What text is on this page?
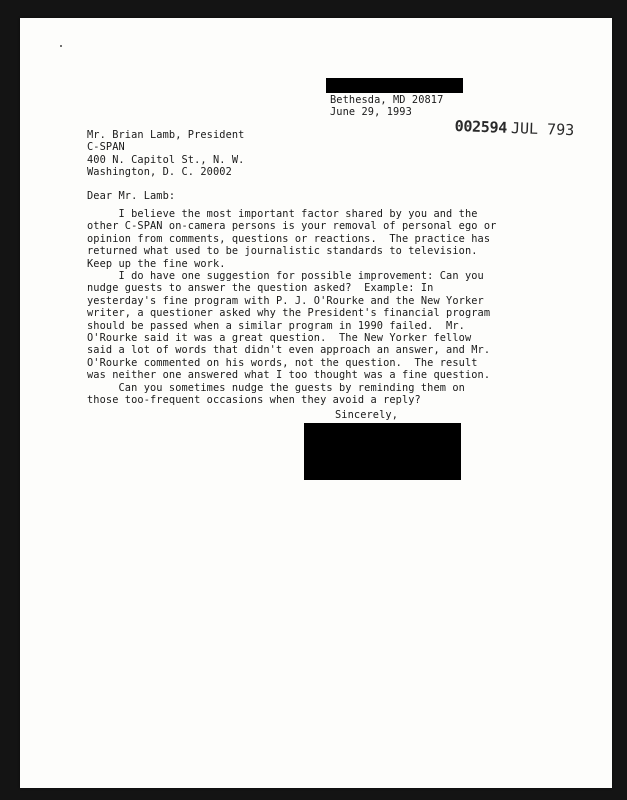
Bethesda, MD 20817
June 29, 1993
002594 JUL 793
Mr. Brian Lamb, President
C-SPAN
400 N. Capitol St., N. W.
Washington, D. C. 20002
Dear Mr. Lamb:
I believe the most important factor shared by you and the
other C-SPAN on-camera persons is your removal of personal ego or
opinion from comments, questions or reactions.  The practice has
returned what used to be journalistic standards to television.
Keep up the fine work.
I do have one suggestion for possible improvement: Can you
nudge guests to answer the question asked?  Example: In
yesterday's fine program with P. J. O'Rourke and the New Yorker
writer, a questioner asked why the President's financial program
should be passed when a similar program in 1990 failed.  Mr.
O'Rourke said it was a great question.  The New Yorker fellow
said a lot of words that didn't even approach an answer, and Mr.
O'Rourke commented on his words, not the question.  The result
was neither one answered what I too thought was a fine question.
Can you sometimes nudge the guests by reminding them on
those too-frequent occasions when they avoid a reply?
Sincerely,
